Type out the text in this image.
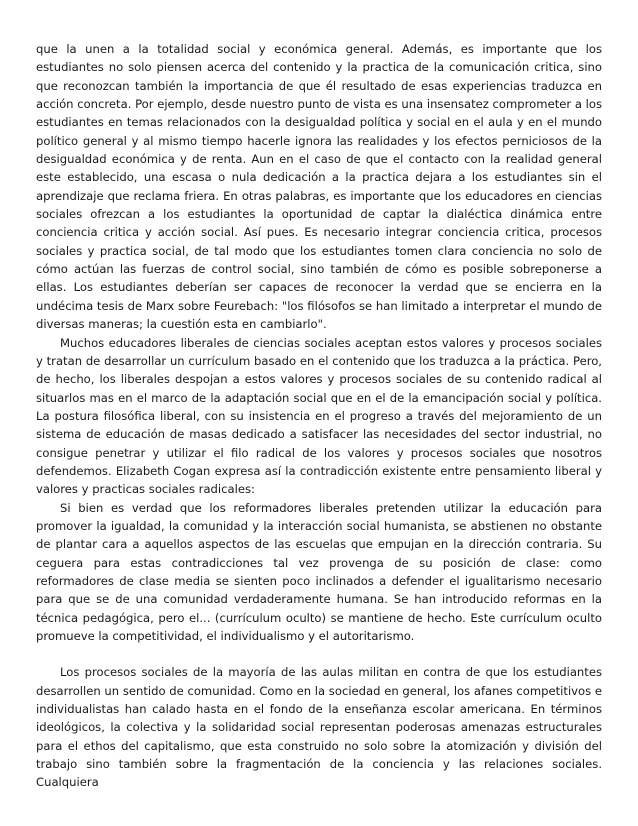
que la unen a la totalidad social y económica general. Además, es importante que los estudiantes no solo piensen acerca del contenido y la practica de la comunicación critica, sino que reconozcan también la importancia de que él resultado de esas experiencias traduzca en acción concreta. Por ejemplo, desde nuestro punto de vista es una insensatez comprometer a los estudiantes en temas relacionados con la desigualdad política y social en el aula y en el mundo político general y al mismo tiempo hacerle ignora las realidades y los efectos perniciosos de la desigualdad económica y de renta. Aun en el caso de que el contacto con la realidad general este establecido, una escasa o nula dedicación a la practica dejara a los estudiantes sin el aprendizaje que reclama friera. En otras palabras, es importante que los educadores en ciencias sociales ofrezcan a los estudiantes la oportunidad de captar la dialéctica dinámica entre conciencia critica y acción social. Así pues. Es necesario integrar conciencia critica, procesos sociales y practica social, de tal modo que los estudiantes tomen clara conciencia no solo de cómo actúan las fuerzas de control social, sino también de cómo es posible sobreponerse a ellas. Los estudiantes deberían ser capaces de reconocer la verdad que se encierra en la undécima tesis de Marx sobre Feurebach: "los filósofos se han limitado a interpretar el mundo de diversas maneras; la cuestión esta en cambiarlo".

Muchos educadores liberales de ciencias sociales aceptan estos valores y procesos sociales y tratan de desarrollar un currículum basado en el contenido que los traduzca a la práctica. Pero, de hecho, los liberales despojan a estos valores y procesos sociales de su contenido radical al situarlos mas en el marco de la adaptación social que en el de la emancipación social y política. La postura filosófica liberal, con su insistencia en el progreso a través del mejoramiento de un sistema de educación de masas dedicado a satisfacer las necesidades del sector industrial, no consigue penetrar y utilizar el filo radical de los valores y procesos sociales que nosotros defendemos. Elizabeth Cogan expresa así la contradicción existente entre pensamiento liberal y valores y practicas sociales radicales:

Si bien es verdad que los reformadores liberales pretenden utilizar la educación para promover la igualdad, la comunidad y la interacción social humanista, se abstienen no obstante de plantar cara a aquellos aspectos de las escuelas que empujan en la dirección contraria. Su ceguera para estas contradicciones tal vez provenga de su posición de clase: como reformadores de clase media se sienten poco inclinados a defender el igualitarismo necesario para que se de una comunidad verdaderamente humana. Se han introducido reformas en la técnica pedagógica, pero el... (currículum oculto) se mantiene de hecho. Este currículum oculto promueve la competitividad, el individualismo y el autoritarismo.

Los procesos sociales de la mayoría de las aulas militan en contra de que los estudiantes desarrollen un sentido de comunidad. Como en la sociedad en general, los afanes competitivos e individualistas han calado hasta en el fondo de la enseñanza escolar americana. En términos ideológicos, la colectiva y la solidaridad social representan poderosas amenazas estructurales para el ethos del capitalismo, que esta construido no solo sobre la atomización y división del trabajo sino también sobre la fragmentación de la conciencia y las relaciones sociales. Cualquiera
